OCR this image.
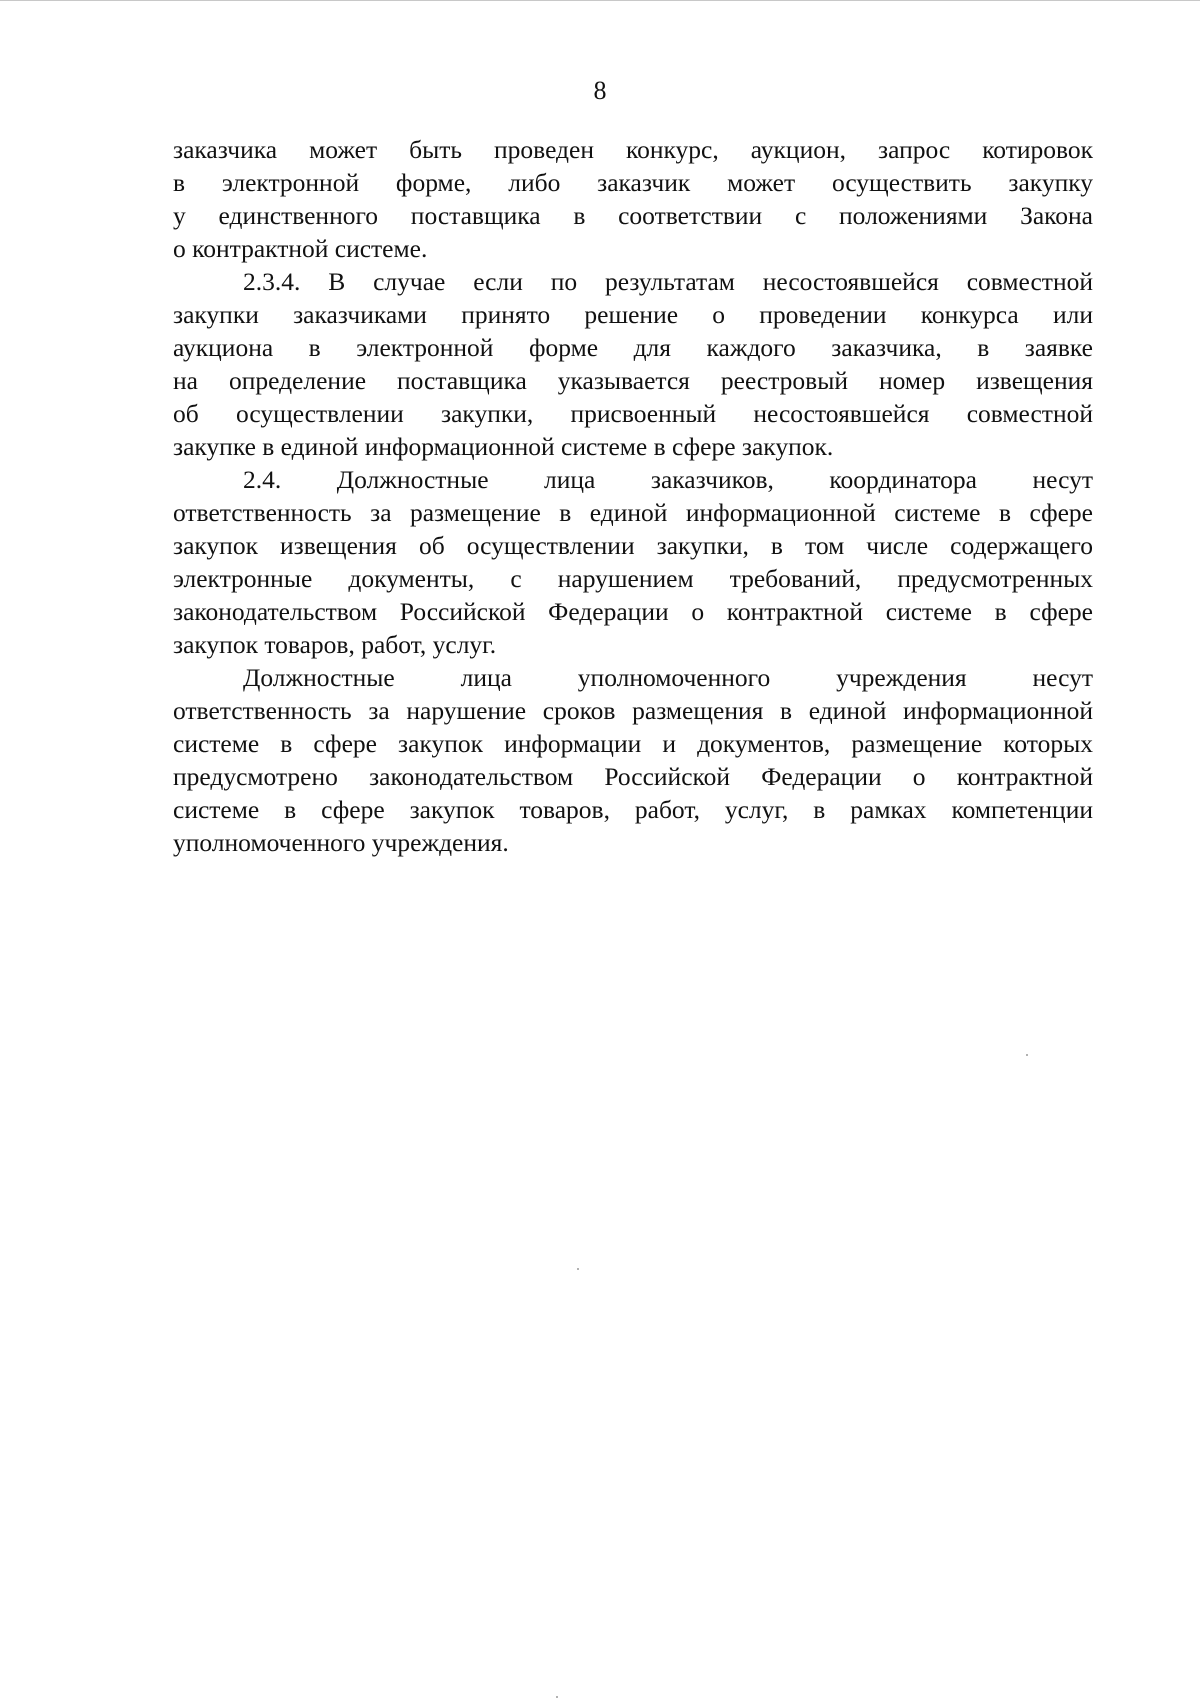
8

заказчика может быть проведен конкурс, аукцион, запрос котировок

в электронной форме, либо заказчик может осуществить закупку

у единственного поставщика в соответствии с положениями Закона

о контрактной системе.

2.3.4. В случае если по результатам несостоявшейся совместной

закупки заказчиками принято решение о проведении конкурса или

аукциона в электронной форме для каждого заказчика, в заявке

на определение поставщика указывается реестровый номер извещения

об осуществлении закупки, присвоенный несостоявшейся совместной

закупке в единой информационной системе в сфере закупок.

2.4. Должностные лица заказчиков, координатора несут

ответственность за размещение в единой информационной системе в сфере

закупок извещения об осуществлении закупки, в том числе содержащего

электронные документы, с нарушением требований, предусмотренных

законодательством Российской Федерации о контрактной системе в сфере

закупок товаров, работ, услуг.

Должностные лица уполномоченного учреждения несут

ответственность за нарушение сроков размещения в единой информационной

системе в сфере закупок информации и документов, размещение которых

предусмотрено законодательством Российской Федерации о контрактной

системе в сфере закупок товаров, работ, услуг, в рамках компетенции

уполномоченного учреждения.
